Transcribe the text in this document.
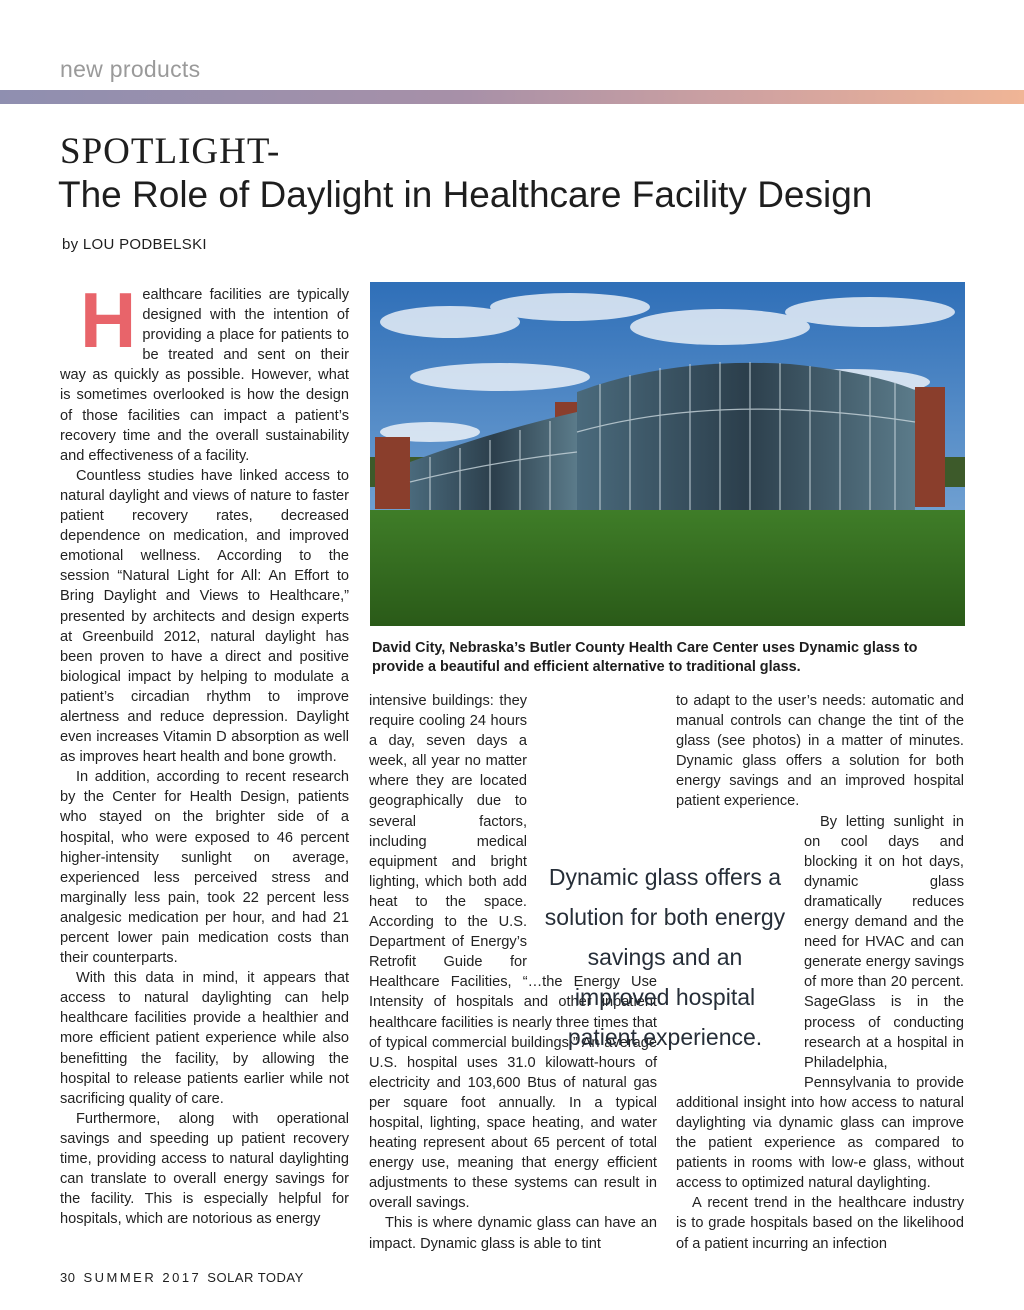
new products
SPOTLIGHT-
The Role of Daylight in Healthcare Facility Design
by LOU PODBELSKI

Healthcare facilities are typically designed with the intention of providing a place for patients to be treated and sent on their way as quickly as possible. However, what is sometimes overlooked is how the design of those facilities can impact a patient’s recovery time and the overall sustainability and effectiveness of a facility.

Countless studies have linked access to natural daylight and views of nature to faster patient recovery rates, decreased dependence on medication, and improved emotional wellness. According to the session “Natural Light for All: An Effort to Bring Daylight and Views to Healthcare,” presented by architects and design experts at Greenbuild 2012, natural daylight has been proven to have a direct and positive biological impact by helping to modulate a patient’s circadian rhythm to improve alertness and reduce depression. Daylight even increases Vitamin D absorption as well as improves heart health and bone growth.

In addition, according to recent research by the Center for Health Design, patients who stayed on the brighter side of a hospital, who were exposed to 46 percent higher-intensity sunlight on average, experienced less perceived stress and marginally less pain, took 22 percent less analgesic medication per hour, and had 21 percent lower pain medication costs than their counterparts.

With this data in mind, it appears that access to natural daylighting can help healthcare facilities provide a healthier and more efficient patient experience while also benefitting the facility, by allowing the hospital to release patients earlier while not sacrificing quality of care.

Furthermore, along with operational savings and speeding up patient recovery time, providing access to natural daylighting can translate to overall energy savings for the facility. This is especially helpful for hospitals, which are notorious as energy

David City, Nebraska’s Butler County Health Care Center uses Dynamic glass to provide a beautiful and efficient alternative to traditional glass.

intensive buildings: they require cooling 24 hours a day, seven days a week, all year no matter where they are located geographically due to several factors, including medical equipment and bright lighting, which both add heat to the space. According to the U.S. Department of Energy’s Retrofit Guide for Healthcare Facilities, “…the Energy Use Intensity of hospitals and other inpatient healthcare facilities is nearly three times that of typical commercial buildings.” An average U.S. hospital uses 31.0 kilowatt-hours of electricity and 103,600 Btus of natural gas per square foot annually. In a typical hospital, lighting, space heating, and water heating represent about 65 percent of total energy use, meaning that energy efficient adjustments to these systems can result in overall savings.

This is where dynamic glass can have an impact. Dynamic glass is able to tint

to adapt to the user’s needs: automatic and manual controls can change the tint of the glass (see photos) in a matter of minutes. Dynamic glass offers a solution for both energy savings and an improved hospital patient experience.

By letting sunlight in on cool days and blocking it on hot days, dynamic glass dramatically reduces energy demand and the need for HVAC and can generate energy savings of more than 20 percent. SageGlass is in the process of conducting research at a hospital in Philadelphia, Pennsylvania to provide additional insight into how access to natural daylighting via dynamic glass can improve the patient experience as compared to patients in rooms with low-e glass, without access to optimized natural daylighting.

A recent trend in the healthcare industry is to grade hospitals based on the likelihood of a patient incurring an infection

Dynamic glass offers a solution for both energy savings and an improved hospital patient experience.
30 SUMMER 2017 SOLAR TODAY
